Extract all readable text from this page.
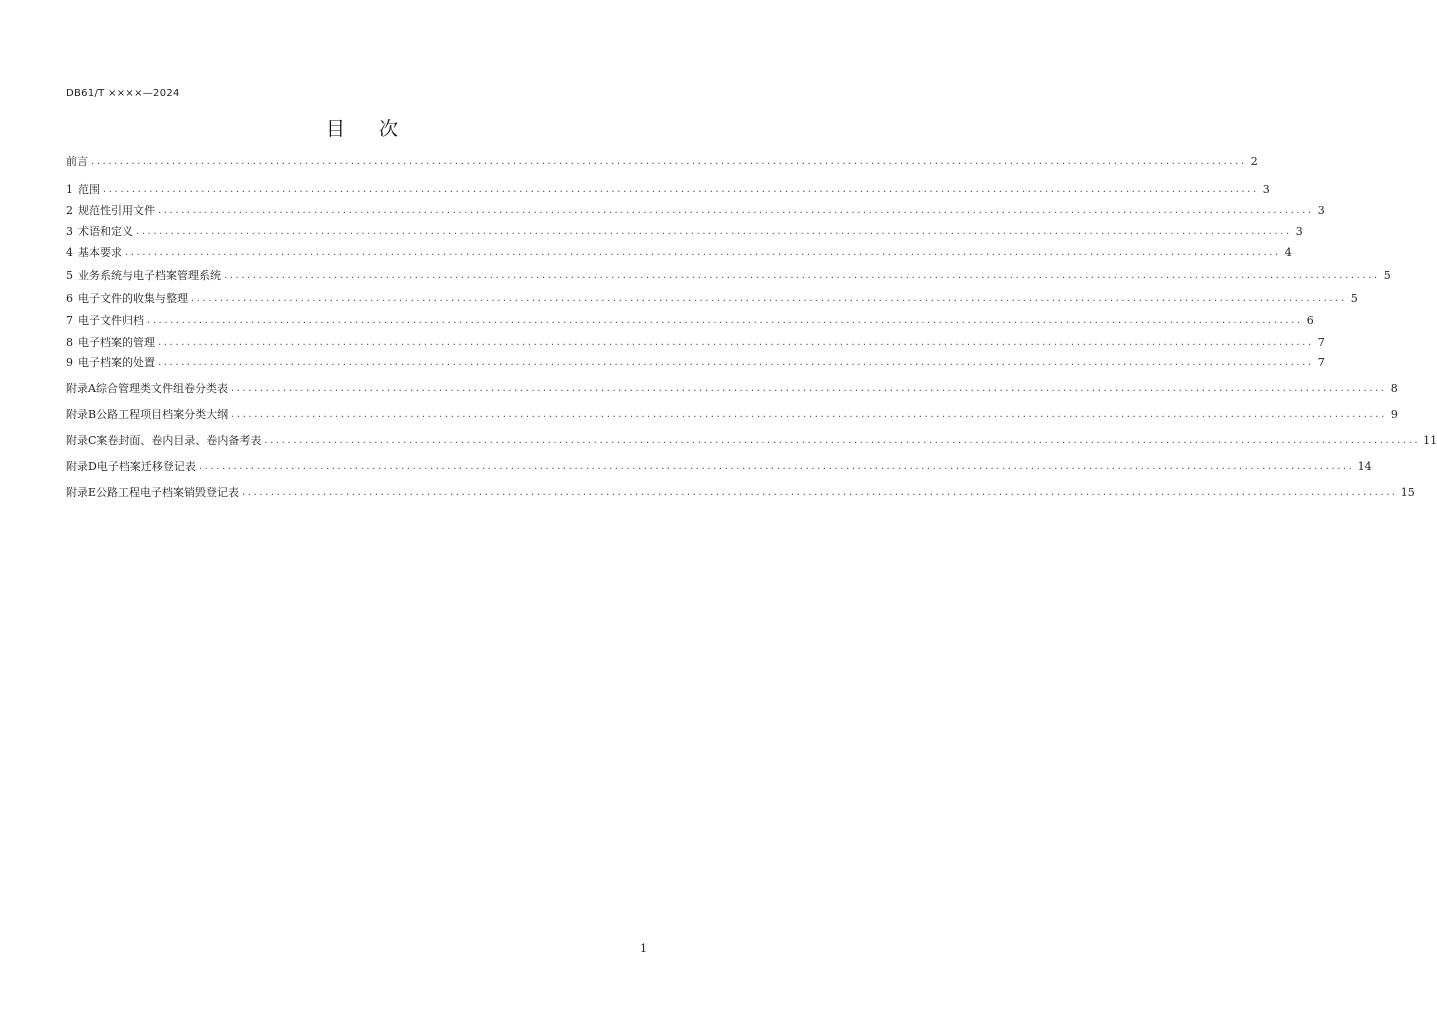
DB61/T ××××—2024
目次
前 言 ........................................................................................................................................................................................................ 2
1 范围 ........................................................................................................................................................................................................ 3
2 规范性引用文件 ........................................................................................................................................................................................................ 3
3 术语和定义 ........................................................................................................................................................................................................ 3
4 基本要求 ........................................................................................................................................................................................................ 4
5 业务系统与电子档案管理系统 ........................................................................................................................................................................................................ 5
6 电子文件的收集与整理 ........................................................................................................................................................................................................ 5
7 电子文件归档 ........................................................................................................................................................................................................ 6
8 电子档案的管理 ........................................................................................................................................................................................................ 7
9 电子档案的处置 ........................................................................................................................................................................................................ 7
附 录 A 综合管理类文件组卷分类表 ........................................................................................................................................................................................................ 8
附 录 B 公路工程项目档案分类大纲 ........................................................................................................................................................................................................ 9
附 录 C 案卷封面、卷内目录、卷内备考表 ........................................................................................................................................................................................................ 11
附 录 D 电子档案迁移登记表 ........................................................................................................................................................................................................ 14
附 录 E 公路工程电子档案销毁登记表 ........................................................................................................................................................................................................ 15
1
